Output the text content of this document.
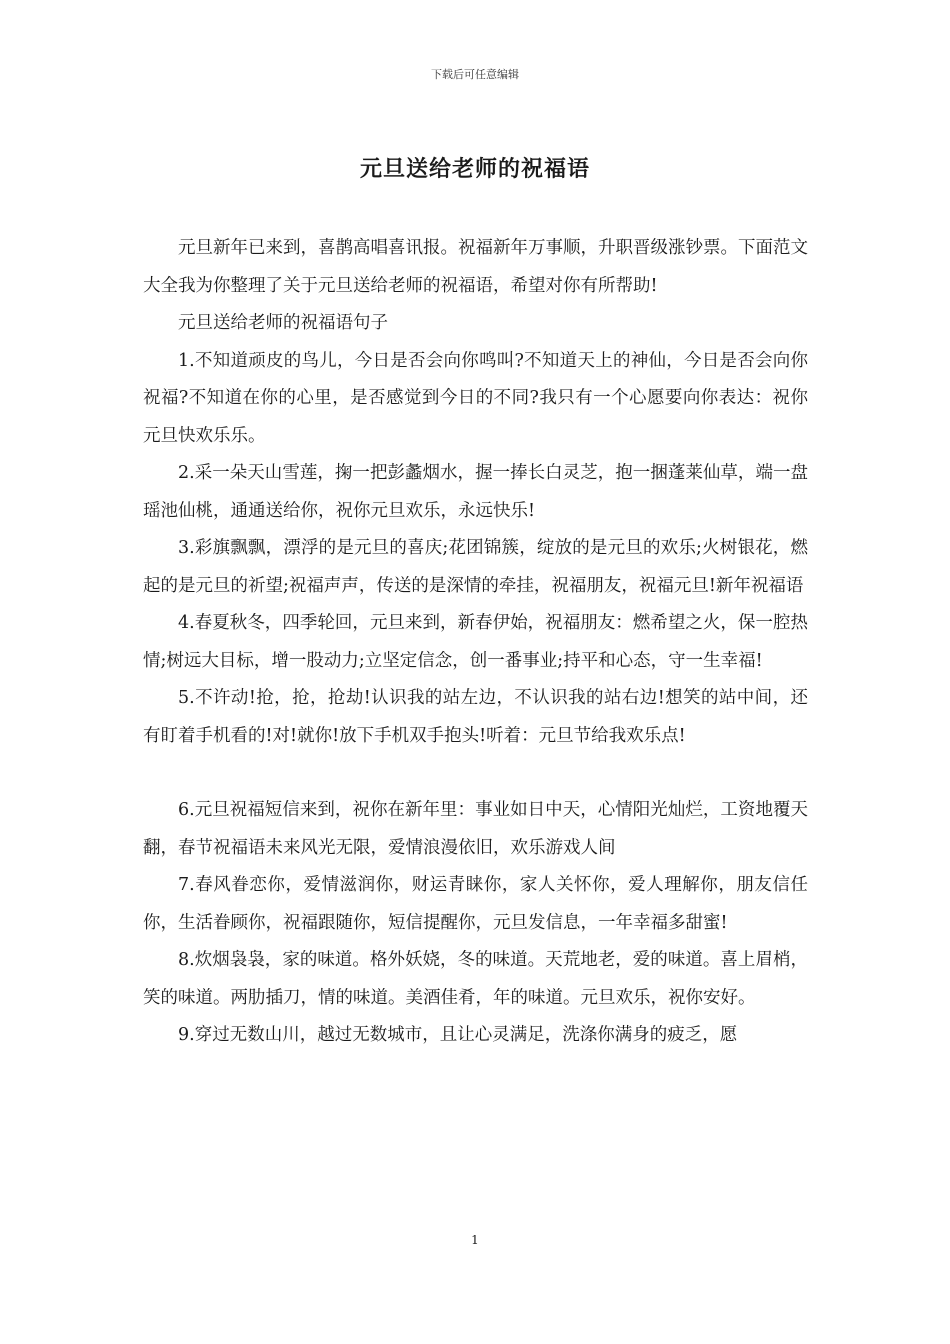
下载后可任意编辑
元旦送给老师的祝福语

元旦新年已来到，喜鹊高唱喜讯报。祝福新年万事顺，升职晋级涨钞票。下面范文大全我为你整理了关于元旦送给老师的祝福语，希望对你有所帮助!

元旦送给老师的祝福语句子

1.不知道顽皮的鸟儿，今日是否会向你鸣叫?不知道天上的神仙，今日是否会向你祝福?不知道在你的心里，是否感觉到今日的不同?我只有一个心愿要向你表达：祝你元旦快欢乐乐。

2.采一朵天山雪莲，掬一把彭蠡烟水，握一捧长白灵芝，抱一捆蓬莱仙草，端一盘瑶池仙桃，通通送给你，祝你元旦欢乐，永远快乐!

3.彩旗飘飘，漂浮的是元旦的喜庆;花团锦簇，绽放的是元旦的欢乐;火树银花，燃起的是元旦的祈望;祝福声声，传送的是深情的牵挂，祝福朋友，祝福元旦!新年祝福语

4.春夏秋冬，四季轮回，元旦来到，新春伊始，祝福朋友：燃希望之火，保一腔热情;树远大目标，增一股动力;立坚定信念，创一番事业;持平和心态，守一生幸福!

5.不许动!抢，抢，抢劫!认识我的站左边，不认识我的站右边!想笑的站中间，还有盯着手机看的!对!就你!放下手机双手抱头!听着：元旦节给我欢乐点!

6.元旦祝福短信来到，祝你在新年里：事业如日中天，心情阳光灿烂，工资地覆天翻，春节祝福语未来风光无限，爱情浪漫依旧，欢乐游戏人间

7.春风眷恋你，爱情滋润你，财运青睐你，家人关怀你，爱人理解你，朋友信任你，生活眷顾你，祝福跟随你，短信提醒你，元旦发信息，一年幸福多甜蜜!

8.炊烟袅袅，家的味道。格外妖娆，冬的味道。天荒地老，爱的味道。喜上眉梢，笑的味道。两肋插刀，情的味道。美酒佳肴，年的味道。元旦欢乐，祝你安好。

9.穿过无数山川，越过无数城市，且让心灵满足，洗涤你满身的疲乏，愿

1
